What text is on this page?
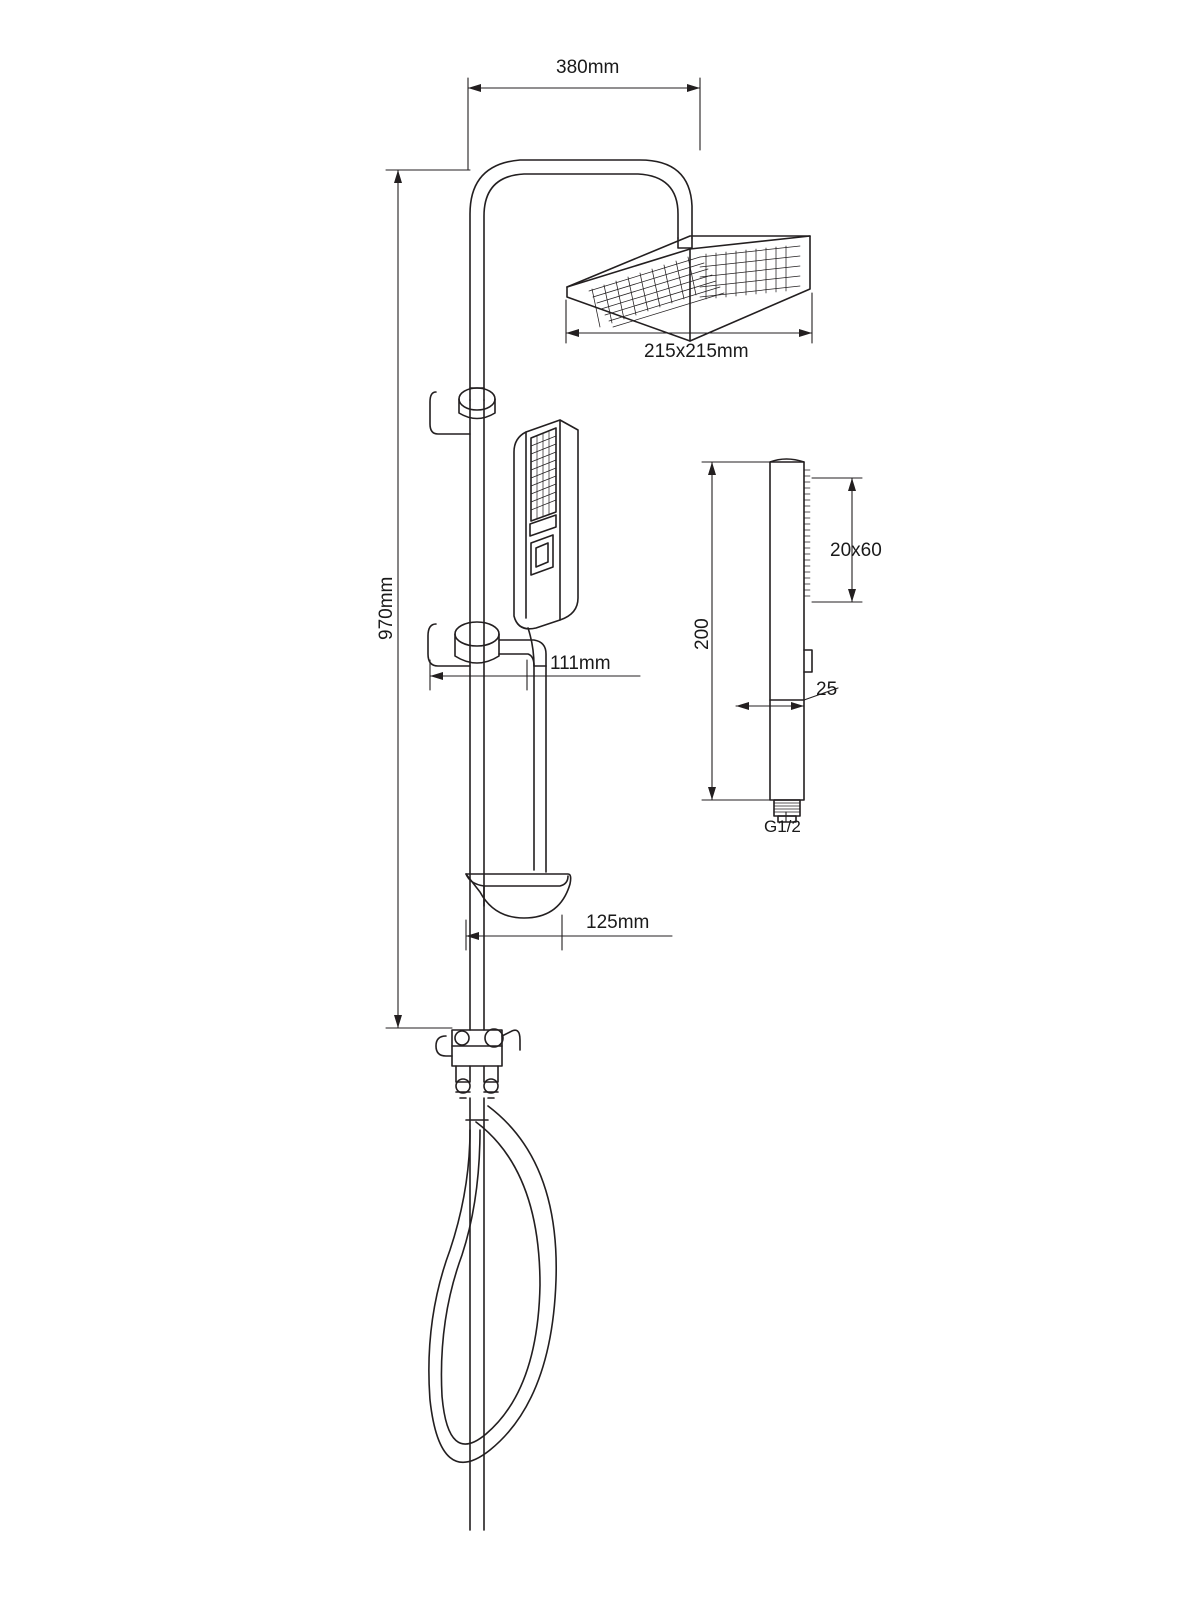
380mm
215x215mm
970mm
111mm
125mm
200
20x60
25
G1/2
